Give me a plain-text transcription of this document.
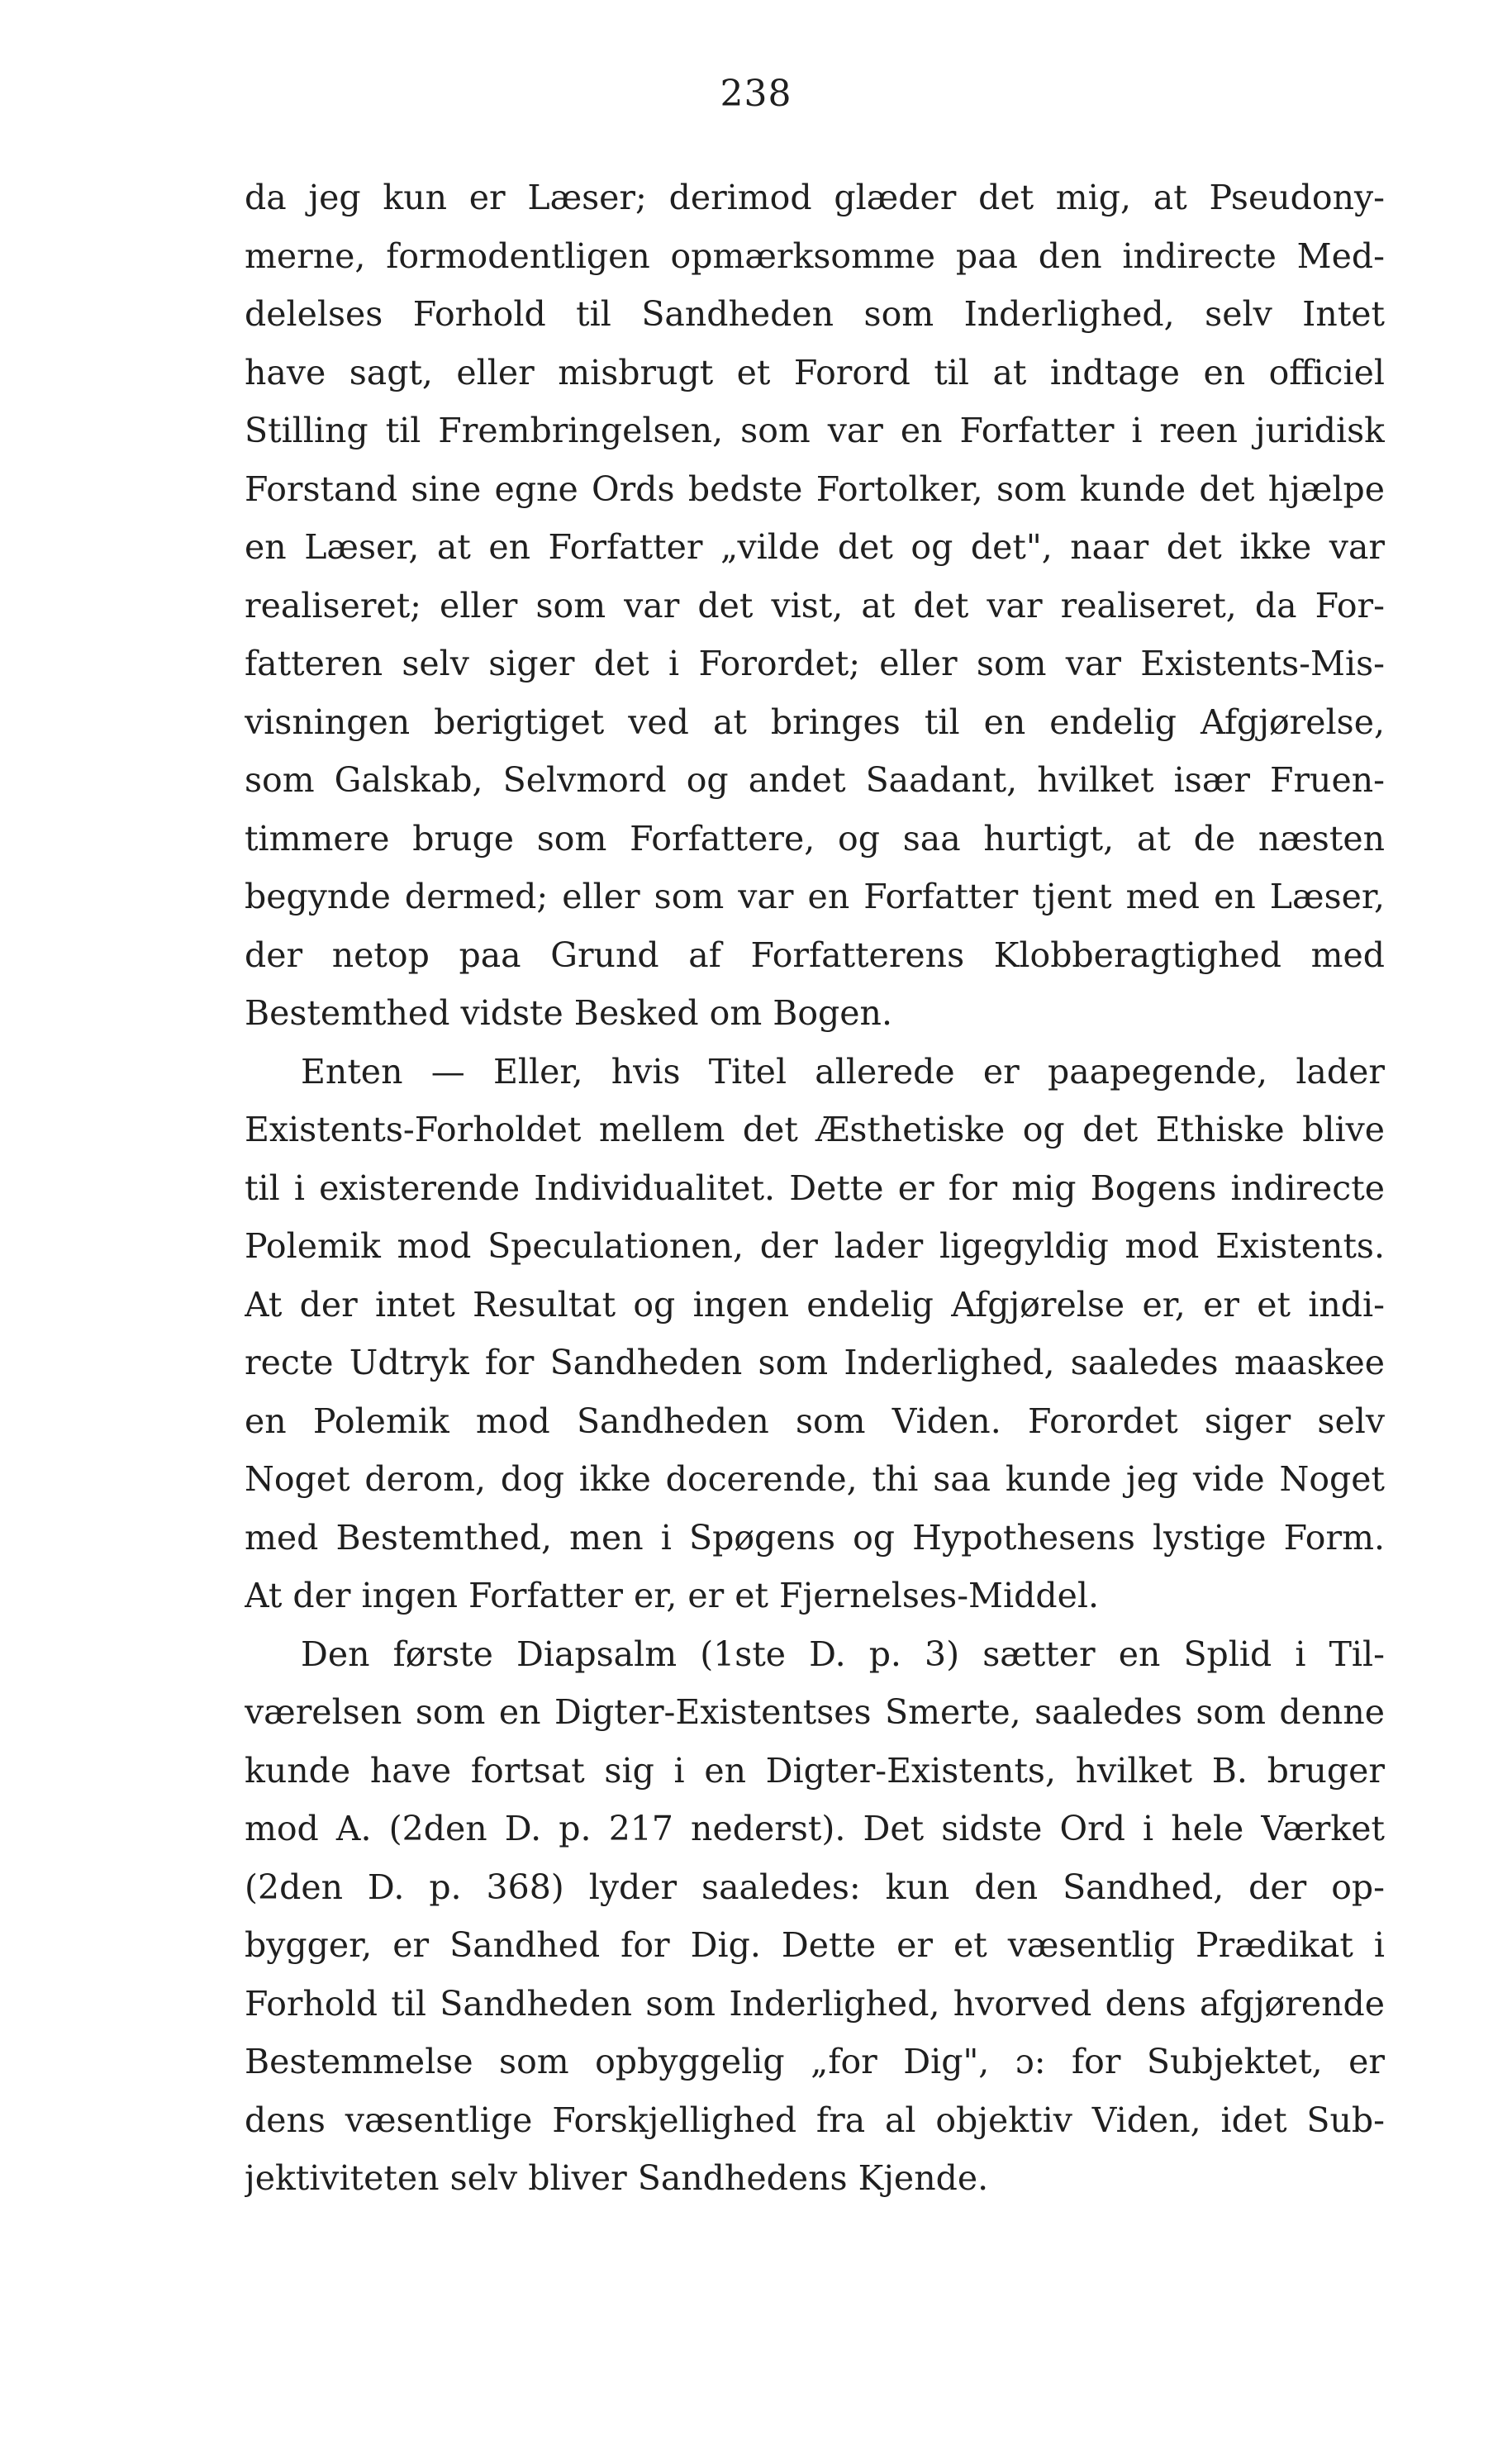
238
da jeg kun er Læser; derimod glæder det mig, at Pseudony-
merne, formodentligen opmærksomme paa den indirecte Med-
delelses Forhold til Sandheden som Inderlighed, selv Intet
have sagt, eller misbrugt et Forord til at indtage en officiel
Stilling til Frembringelsen, som var en Forfatter i reen juridisk
Forstand sine egne Ords bedste Fortolker, som kunde det hjælpe
en Læser, at en Forfatter „vilde det og det", naar det ikke var
realiseret; eller som var det vist, at det var realiseret, da For-
fatteren selv siger det i Forordet; eller som var Existents-Mis-
visningen berigtiget ved at bringes til en endelig Afgjørelse,
som Galskab, Selvmord og andet Saadant, hvilket især Fruen-
timmere bruge som Forfattere, og saa hurtigt, at de næsten
begynde dermed; eller som var en Forfatter tjent med en Læser,
der netop paa Grund af Forfatterens Klobberagtighed med
Bestemthed vidste Besked om Bogen.
Enten — Eller, hvis Titel allerede er paapegende, lader
Existents-Forholdet mellem det Æsthetiske og det Ethiske blive
til i existerende Individualitet. Dette er for mig Bogens indirecte
Polemik mod Speculationen, der lader ligegyldig mod Existents.
At der intet Resultat og ingen endelig Afgjørelse er, er et indi-
recte Udtryk for Sandheden som Inderlighed, saaledes maaskee
en Polemik mod Sandheden som Viden. Forordet siger selv
Noget derom, dog ikke docerende, thi saa kunde jeg vide Noget
med Bestemthed, men i Spøgens og Hypothesens lystige Form.
At der ingen Forfatter er, er et Fjernelses-Middel.
Den første Diapsalm (1ste D. p. 3) sætter en Splid i Til-
værelsen som en Digter-Existentses Smerte, saaledes som denne
kunde have fortsat sig i en Digter-Existents, hvilket B. bruger
mod A. (2den D. p. 217 nederst). Det sidste Ord i hele Værket
(2den D. p. 368) lyder saaledes: kun den Sandhed, der op-
bygger, er Sandhed for Dig. Dette er et væsentlig Prædikat i
Forhold til Sandheden som Inderlighed, hvorved dens afgjørende
Bestemmelse som opbyggelig „for Dig", ɔ: for Subjektet, er
dens væsentlige Forskjellighed fra al objektiv Viden, idet Sub-
jektiviteten selv bliver Sandhedens Kjende.
